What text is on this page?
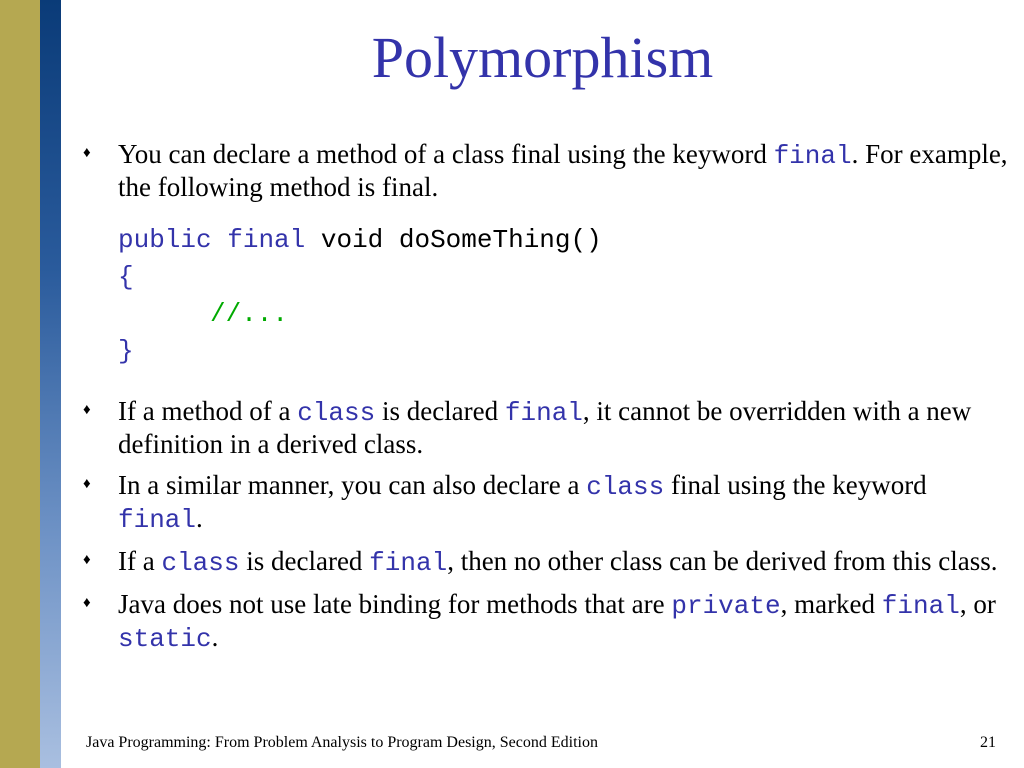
Polymorphism
♦ You can declare a method of a class final using the keyword final. For example, the following method is final.
public final void doSomeThing()
{
//...
}
♦ If a method of a class is declared final, it cannot be overridden with a new definition in a derived class.
♦ In a similar manner, you can also declare a class final using the keyword final.
♦ If a class is declared final, then no other class can be derived from this class.
♦ Java does not use late binding for methods that are private, marked final, or static.
Java Programming: From Problem Analysis to Program Design, Second Edition	21
